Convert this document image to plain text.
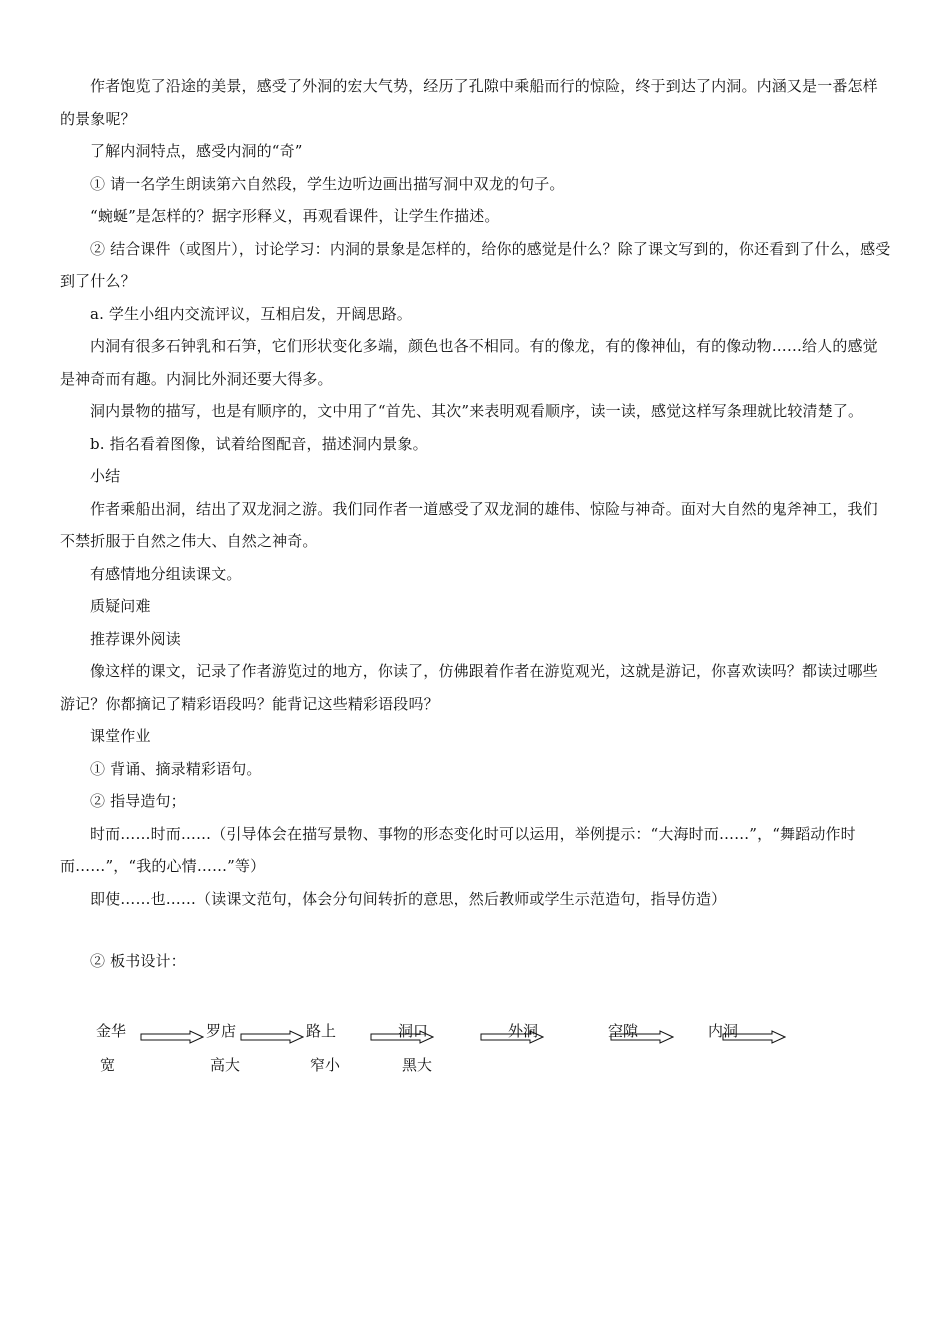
作者饱览了沿途的美景，感受了外洞的宏大气势，经历了孔隙中乘船而行的惊险，终于到达了内洞。内涵又是一番怎样的景象呢？

了解内洞特点，感受内洞的“奇”

① 请一名学生朗读第六自然段，学生边听边画出描写洞中双龙的句子。

“蜿蜒”是怎样的？据字形释义，再观看课件，让学生作描述。

② 结合课件（或图片），讨论学习：内洞的景象是怎样的，给你的感觉是什么？除了课文写到的，你还看到了什么，感受到了什么？

a. 学生小组内交流评议，互相启发，开阔思路。

内洞有很多石钟乳和石笋，它们形状变化多端，颜色也各不相同。有的像龙，有的像神仙，有的像动物……给人的感觉是神奇而有趣。内洞比外洞还要大得多。

洞内景物的描写，也是有顺序的，文中用了“首先、其次”来表明观看顺序，读一读，感觉这样写条理就比较清楚了。

b. 指名看着图像，试着给图配音，描述洞内景象。

小结

作者乘船出洞，结出了双龙洞之游。我们同作者一道感受了双龙洞的雄伟、惊险与神奇。面对大自然的鬼斧神工，我们不禁折服于自然之伟大、自然之神奇。

有感情地分组读课文。

质疑问难

推荐课外阅读

像这样的课文，记录了作者游览过的地方，你读了，仿佛跟着作者在游览观光，这就是游记，你喜欢读吗？都读过哪些游记？你都摘记了精彩语段吗？能背记这些精彩语段吗？

课堂作业

① 背诵、摘录精彩语句。

② 指导造句；

时而……时而……（引导体会在描写景物、事物的形态变化时可以运用，举例提示：“大海时而……”，“舞蹈动作时而……”，“我的心情……”等）

即使……也……（读课文范句，体会分句间转折的意思，然后教师或学生示范造句，指导仿造）

② 板书设计：

金华	罗店	路上	洞口	外洞	空隙	内洞
宽	高大	窄小	黑大
